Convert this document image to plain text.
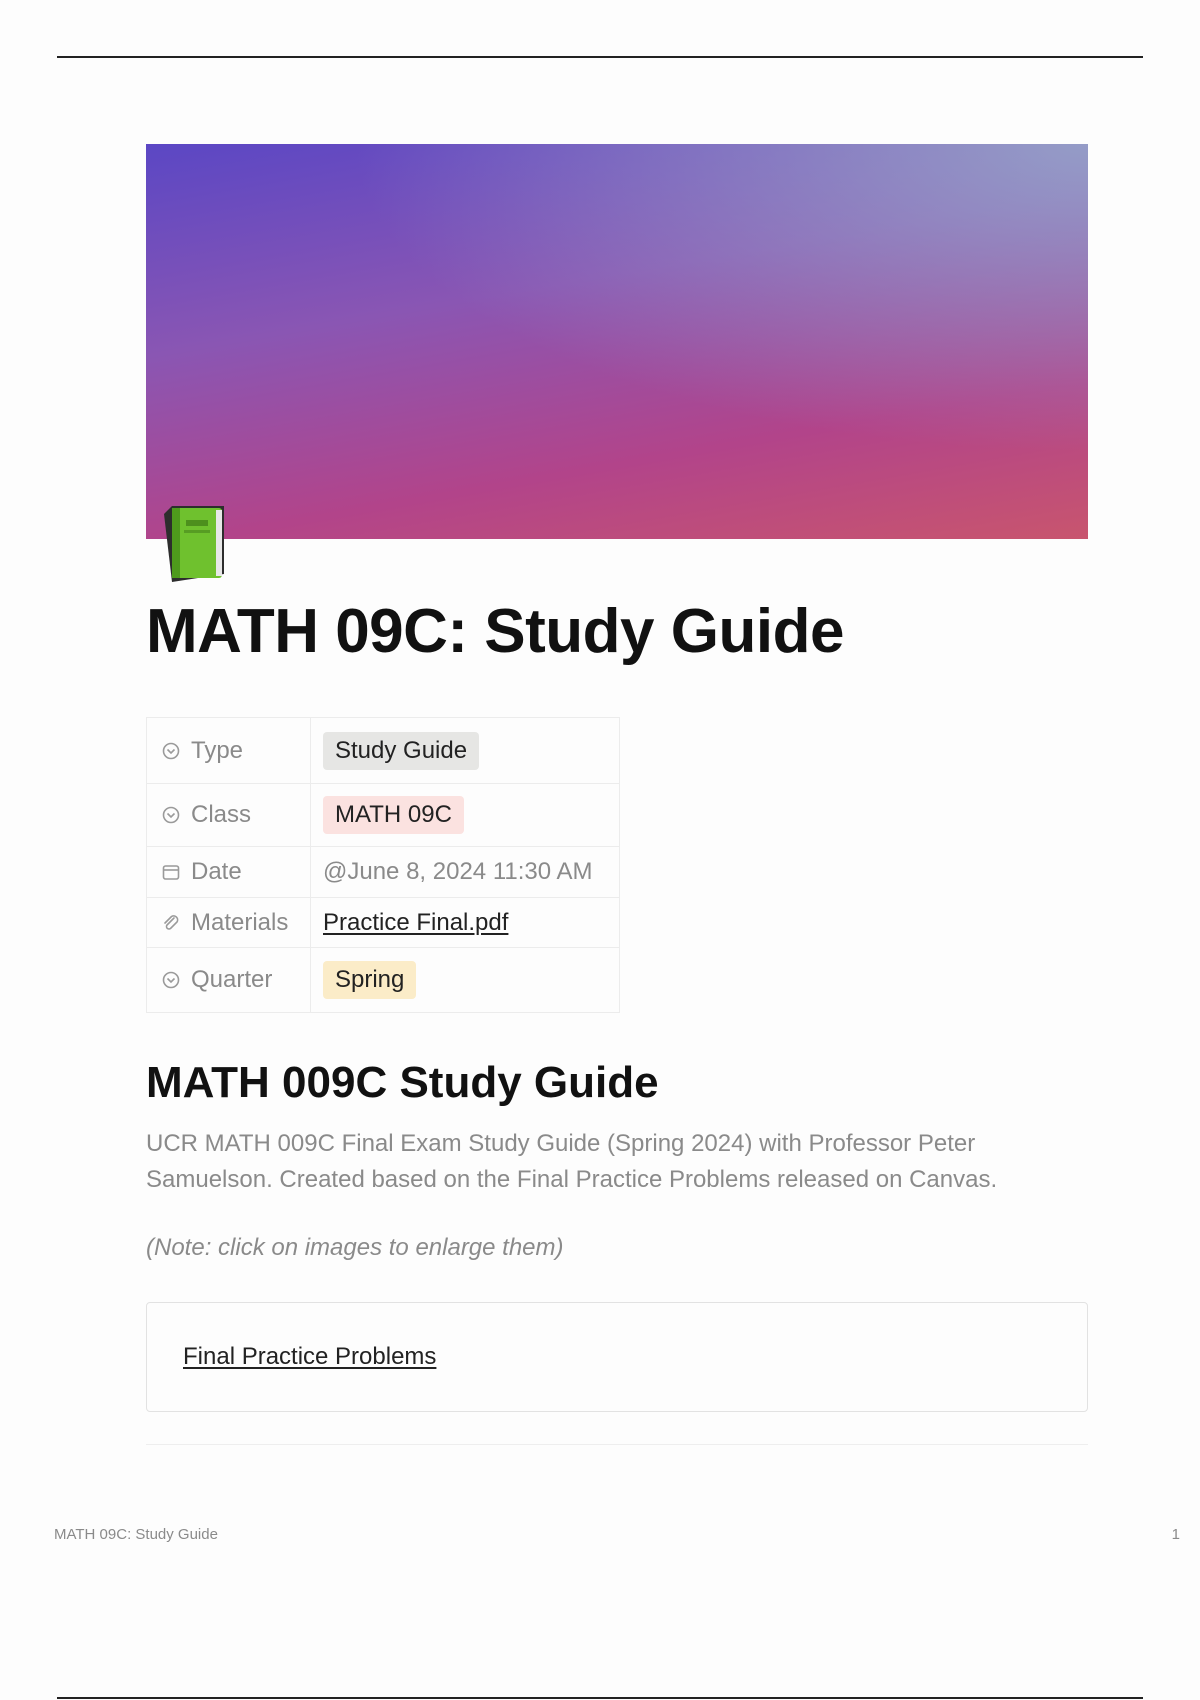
MATH 09C: Study Guide
Type	Study Guide
Class	MATH 09C
Date	@June 8, 2024 11:30 AM
Materials Practice Final.pdf
Quarter	Spring
MATH 009C Study Guide

UCR MATH 009C Final Exam Study Guide (Spring 2024) with Professor Peter Samuelson. Created based on the Final Practice Problems released on Canvas.

(Note: click on images to enlarge them)

Final Practice Problems
MATH 09C: Study Guide	1
